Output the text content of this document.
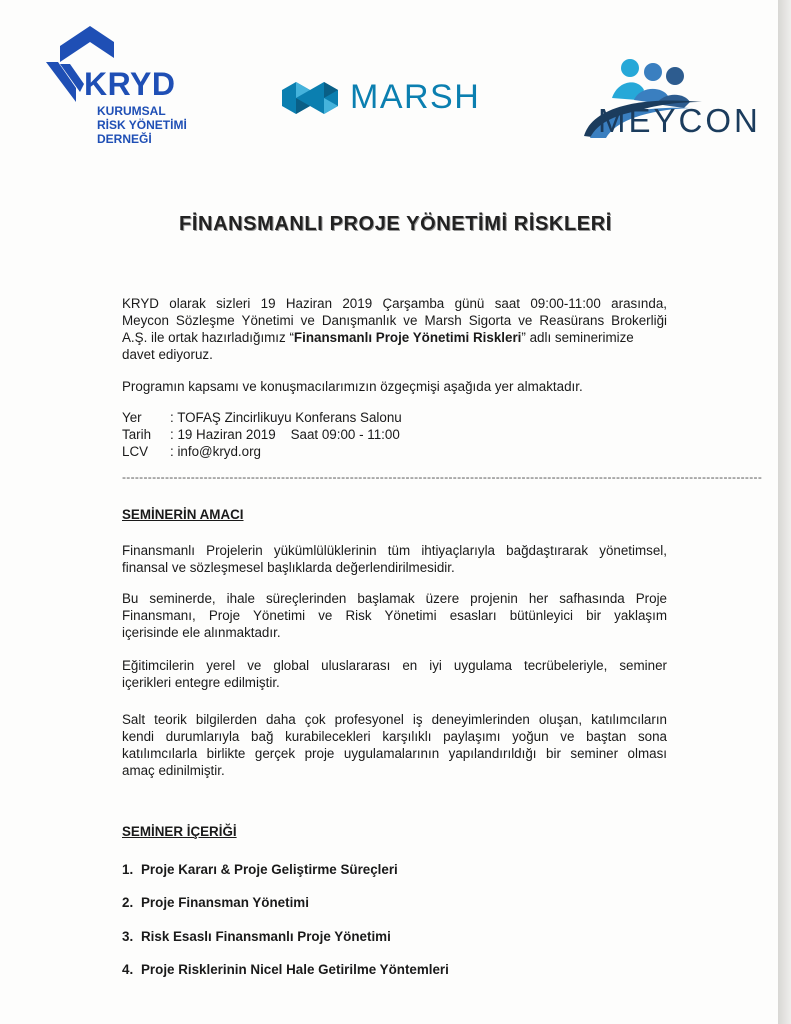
KRYD
KURUMSAL
RİSK YÖNETİMİ
DERNEĞİ
MARSH
MEYCON
FİNANSMANLI PROJE YÖNETİMİ RİSKLERİ
KRYD olarak sizleri 19 Haziran 2019 Çarşamba günü saat 09:00-11:00 arasında,
Meycon Sözleşme Yönetimi ve Danışmanlık ve Marsh Sigorta ve Reasürans Brokerliği
A.Ş. ile ortak hazırladığımız “Finansmanlı Proje Yönetimi Riskleri” adlı seminerimize
davet ediyoruz.
Programın kapsamı ve konuşmacılarımızın özgeçmişi aşağıda yer almaktadır.
Yer : TOFAŞ Zincirlikuyu Konferans Salonu
Tarih : 19 Haziran 2019    Saat 09:00 - 11:00
LCV : info@kryd.org
-----------------------------------------------------------------------------------------------------------------------------------------------------
SEMİNERİN AMACI
Finansmanlı Projelerin yükümlülüklerinin tüm ihtiyaçlarıyla bağdaştırarak yönetimsel,
finansal ve sözleşmesel başlıklarda değerlendirilmesidir.
Bu seminerde, ihale süreçlerinden başlamak üzere projenin her safhasında Proje
Finansmanı, Proje Yönetimi ve Risk Yönetimi esasları bütünleyici bir yaklaşım
içerisinde ele alınmaktadır.
Eğitimcilerin yerel ve global uluslararası en iyi uygulama tecrübeleriyle, seminer
içerikleri entegre edilmiştir.
Salt teorik bilgilerden daha çok profesyonel iş deneyimlerinden oluşan, katılımcıların
kendi durumlarıyla bağ kurabilecekleri karşılıklı paylaşımı yoğun ve baştan sona
katılımcılarla birlikte gerçek proje uygulamalarının yapılandırıldığı bir seminer olması
amaç edinilmiştir.
SEMİNER İÇERİĞİ
1. Proje Kararı & Proje Geliştirme Süreçleri
2. Proje Finansman Yönetimi
3. Risk Esaslı Finansmanlı Proje Yönetimi
4. Proje Risklerinin Nicel Hale Getirilme Yöntemleri
